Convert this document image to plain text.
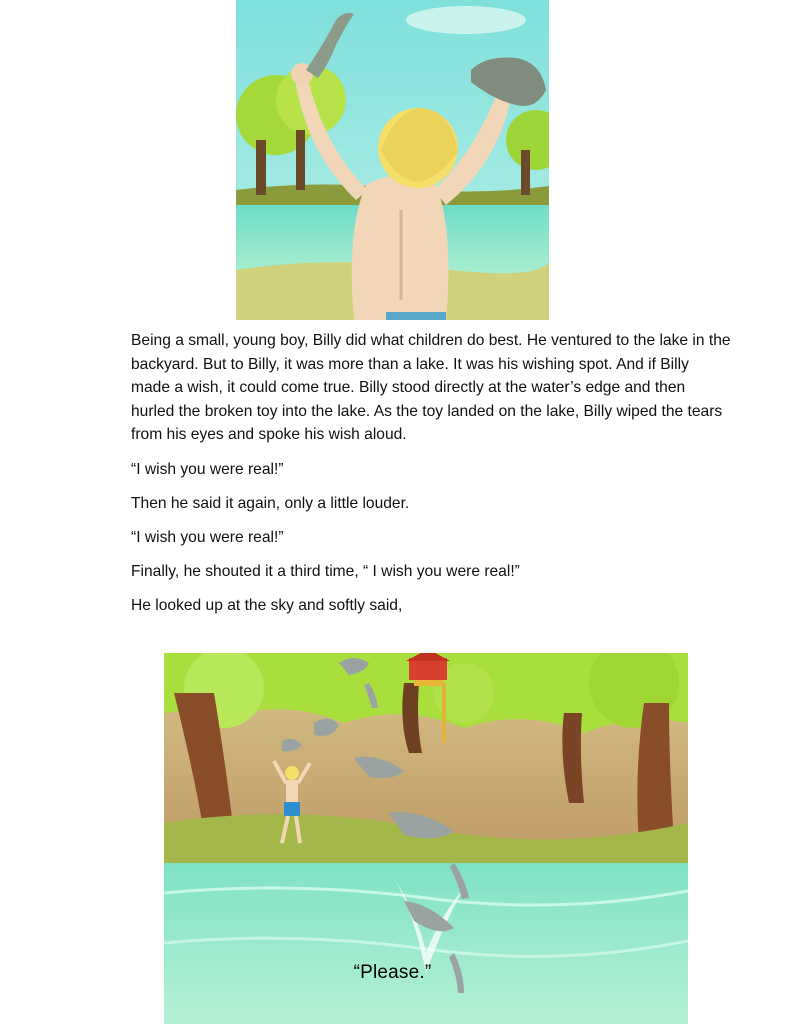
Being a small, young boy, Billy did what children do best. He ventured to the lake in the backyard. But to Billy, it was more than a lake. It was his wishing spot. And if Billy made a wish, it could come true. Billy stood directly at the water’s edge and then hurled the broken toy into the lake. As the toy landed on the lake, Billy wiped the tears from his eyes and spoke his wish aloud.

“I wish you were real!”

Then he said it again, only a little louder.

“I wish you were real!”

Finally, he shouted it a third time, “ I wish you were real!”

He looked up at the sky and softly said,

“Please.”
